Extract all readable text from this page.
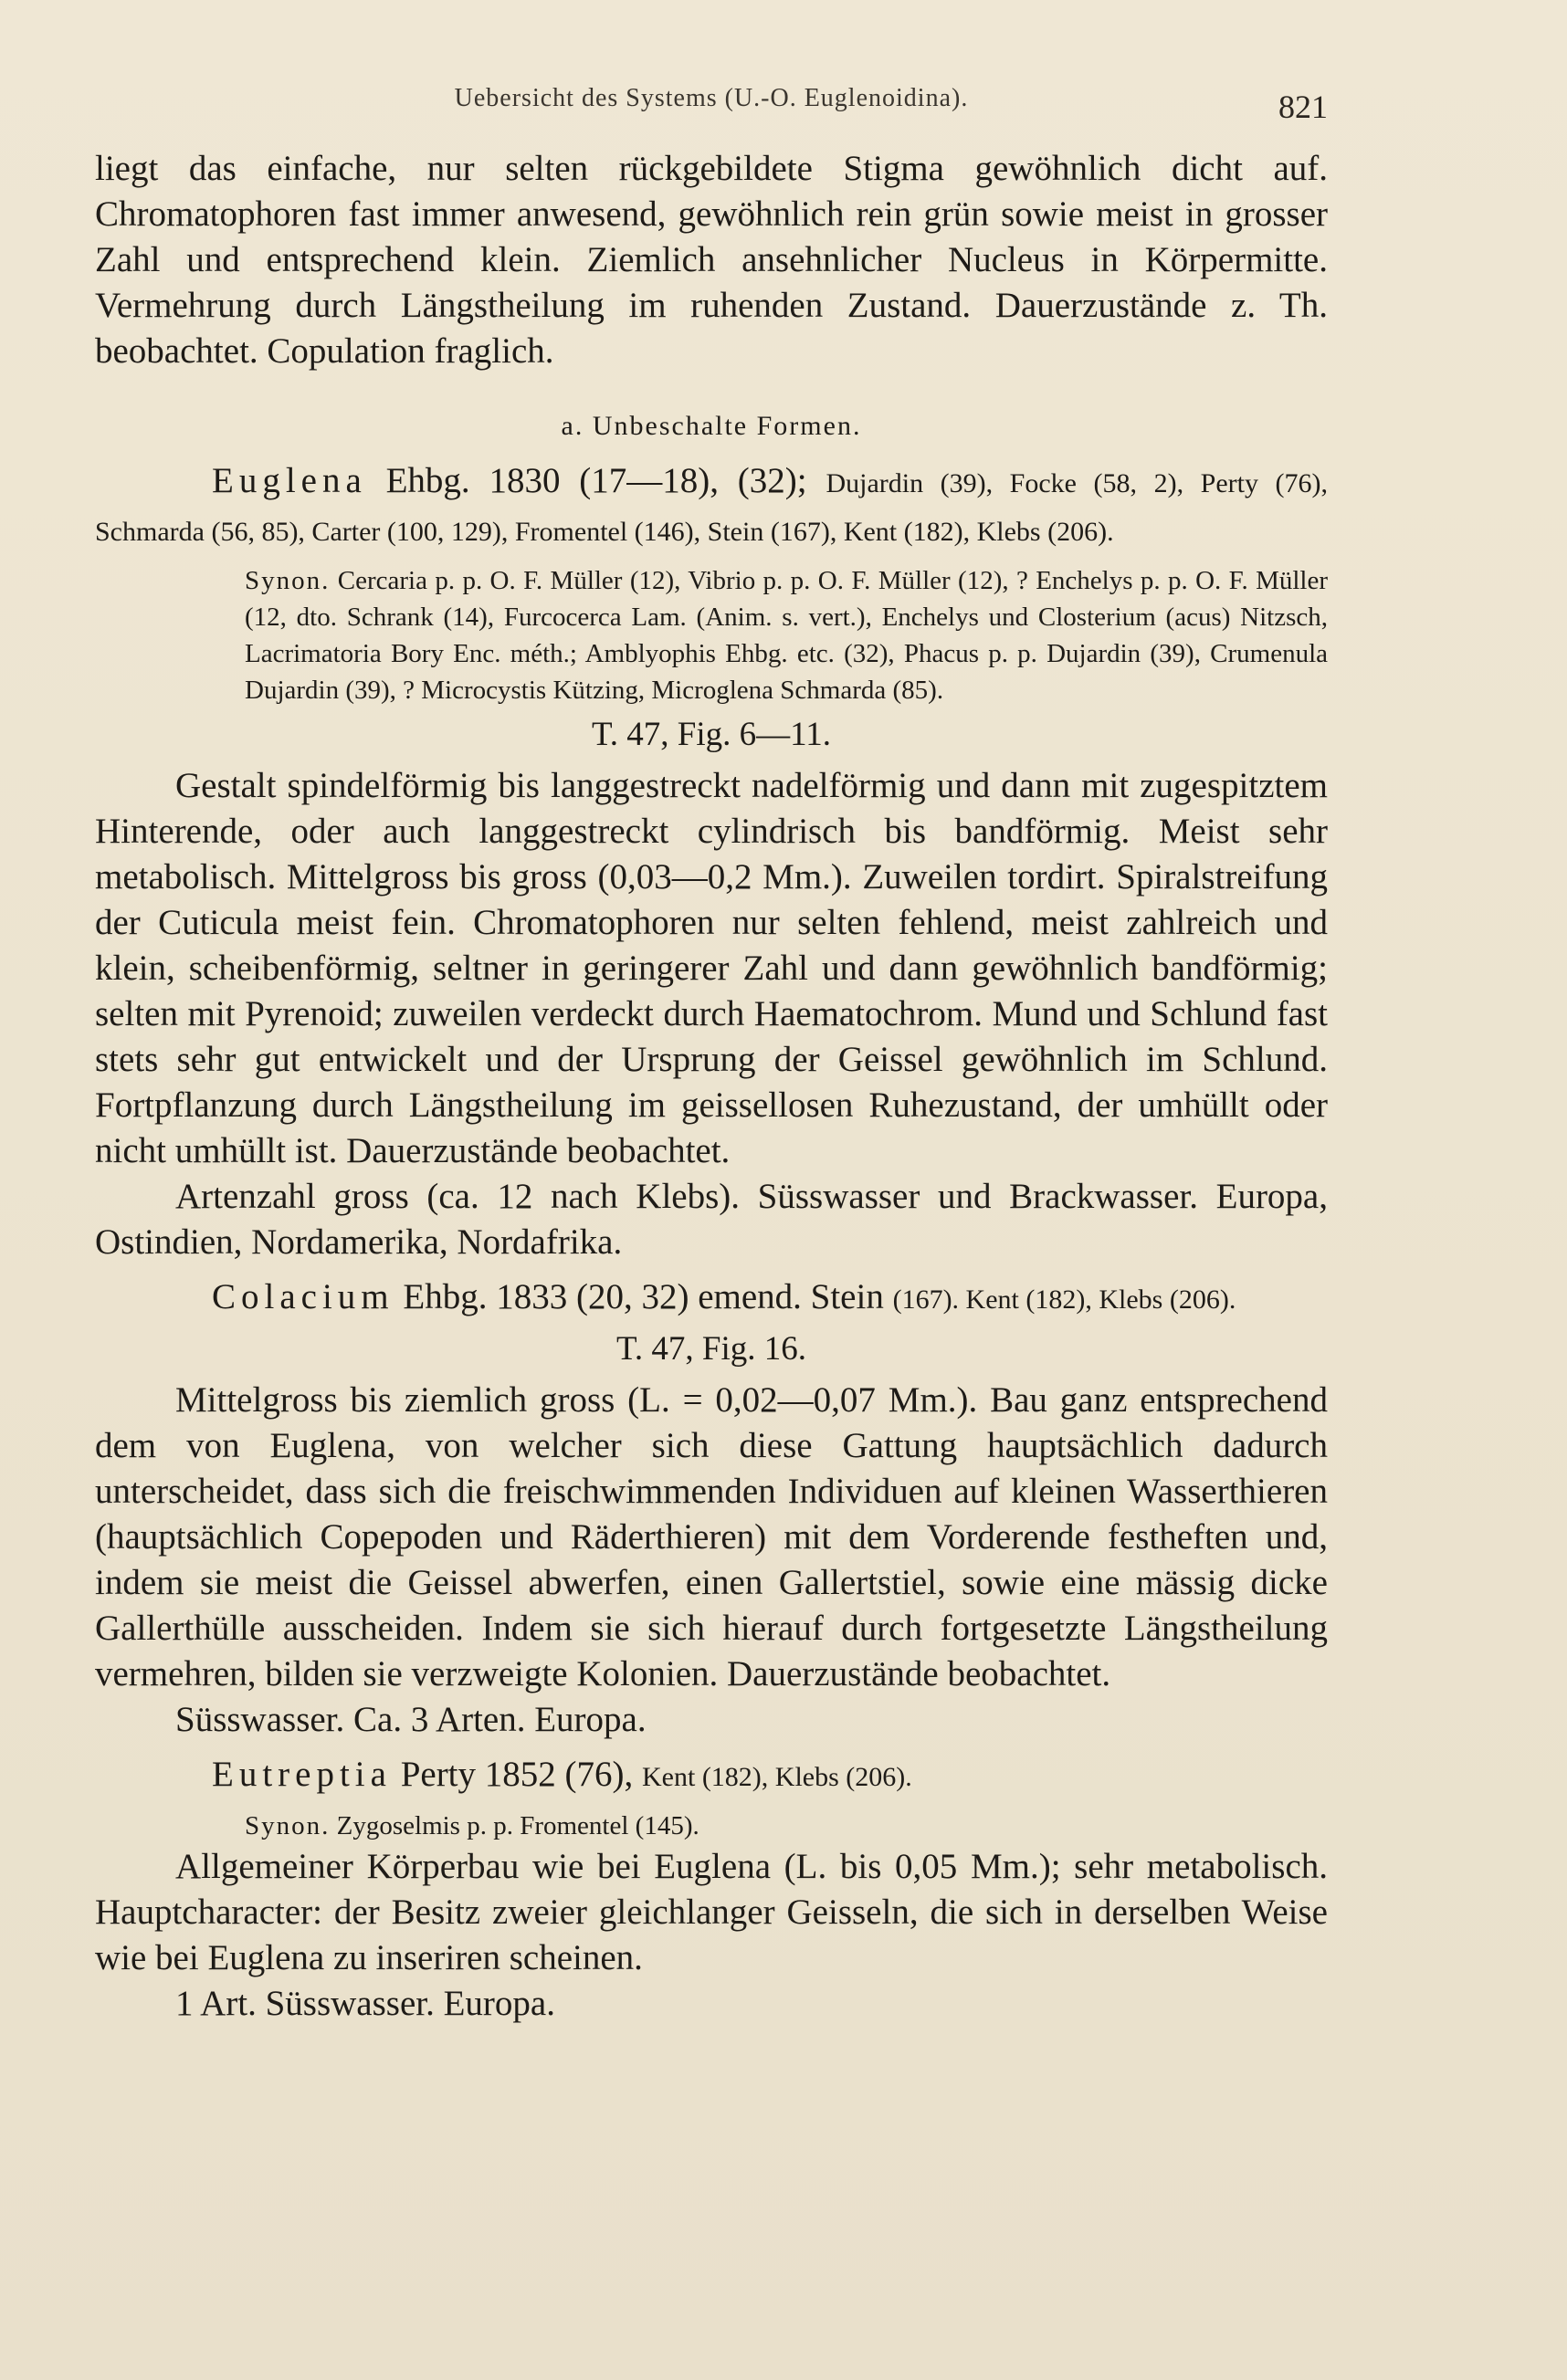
Uebersicht des Systems (U.-O. Euglenoidina).	821

liegt das einfache, nur selten rückgebildete Stigma gewöhnlich dicht auf. Chromatophoren fast immer anwesend, gewöhnlich rein grün sowie meist in grosser Zahl und entsprechend klein. Ziemlich ansehnlicher Nucleus in Körpermitte. Vermehrung durch Längstheilung im ruhenden Zustand. Dauerzustände z. Th. beobachtet. Copulation fraglich.

a. Unbeschalte Formen.
Euglena Ehbg. 1830 (17—18), (32); Dujardin (39), Focke (58, 2), Perty (76), Schmarda (56, 85), Carter (100, 129), Fromentel (146), Stein (167), Kent (182), Klebs (206).
Synon. Cercaria p. p. O. F. Müller (12), Vibrio p. p. O. F. Müller (12), ? Enchelys p. p. O. F. Müller (12, dto. Schrank (14), Furcocerca Lam. (Anim. s. vert.), Enchelys und Closterium (acus) Nitzsch, Lacrimatoria Bory Enc. méth.; Amblyophis Ehbg. etc. (32), Phacus p. p. Dujardin (39), Crumenula Dujardin (39), ? Microcystis Kützing, Microglena Schmarda (85).
T. 47, Fig. 6—11.

Gestalt spindelförmig bis langgestreckt nadelförmig und dann mit zugespitztem Hinterende, oder auch langgestreckt cylindrisch bis bandförmig. Meist sehr metabolisch. Mittelgross bis gross (0,03—0,2 Mm.). Zuweilen tordirt. Spiralstreifung der Cuticula meist fein. Chromatophoren nur selten fehlend, meist zahlreich und klein, scheibenförmig, seltner in geringerer Zahl und dann gewöhnlich bandförmig; selten mit Pyrenoid; zuweilen verdeckt durch Haematochrom. Mund und Schlund fast stets sehr gut entwickelt und der Ursprung der Geissel gewöhnlich im Schlund. Fortpflanzung durch Längstheilung im geissellosen Ruhezustand, der umhüllt oder nicht umhüllt ist. Dauerzustände beobachtet.

Artenzahl gross (ca. 12 nach Klebs). Süsswasser und Brackwasser. Europa, Ostindien, Nordamerika, Nordafrika.

Colacium Ehbg. 1833 (20, 32) emend. Stein (167). Kent (182), Klebs (206).
T. 47, Fig. 16.

Mittelgross bis ziemlich gross (L. = 0,02—0,07 Mm.). Bau ganz entsprechend dem von Euglena, von welcher sich diese Gattung hauptsächlich dadurch unterscheidet, dass sich die freischwimmenden Individuen auf kleinen Wasserthieren (hauptsächlich Copepoden und Räderthieren) mit dem Vorderende festheften und, indem sie meist die Geissel abwerfen, einen Gallertstiel, sowie eine mässig dicke Gallerthülle ausscheiden. Indem sie sich hierauf durch fortgesetzte Längstheilung vermehren, bilden sie verzweigte Kolonien. Dauerzustände beobachtet.

Süsswasser. Ca. 3 Arten. Europa.

Eutreptia Perty 1852 (76), Kent (182), Klebs (206).
Synon. Zygoselmis p. p. Fromentel (145).

Allgemeiner Körperbau wie bei Euglena (L. bis 0,05 Mm.); sehr metabolisch. Hauptcharacter: der Besitz zweier gleichlanger Geisseln, die sich in derselben Weise wie bei Euglena zu inseriren scheinen.

1 Art. Süsswasser. Europa.
